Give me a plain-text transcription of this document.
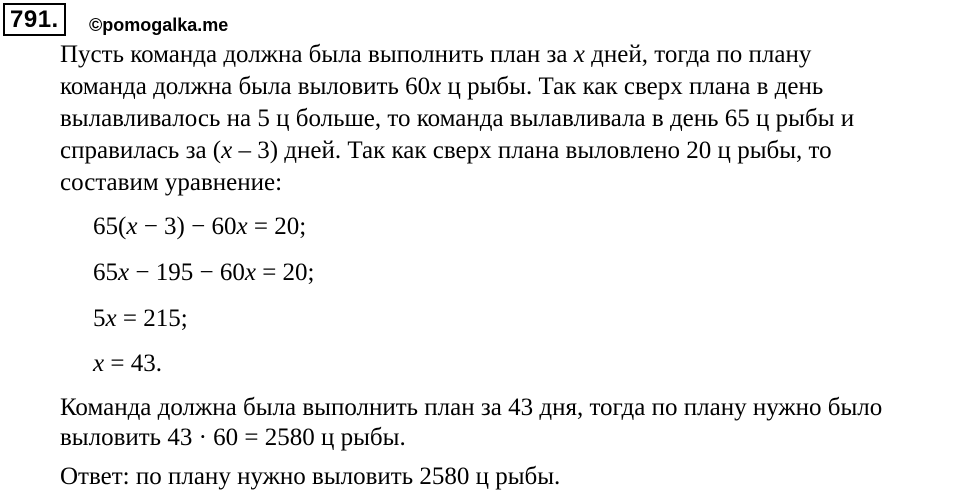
791.	©pomogalka.me
Пусть команда должна была выполнить план за x дней, тогда по плану
команда должна была выловить 60x ц рыбы. Так как сверх плана в день
вылавливалось на 5 ц больше, то команда вылавливала в день 65 ц рыбы и
справилась за (x – 3) дней. Так как сверх плана выловлено 20 ц рыбы, то
составим уравнение:
65(x − 3) − 60x = 20;
65x − 195 − 60x = 20;
5x = 215;
x = 43.
Команда должна была выполнить план за 43 дня, тогда по плану нужно было
выловить 43 · 60 = 2580 ц рыбы.
Ответ: по плану нужно выловить 2580 ц рыбы.
